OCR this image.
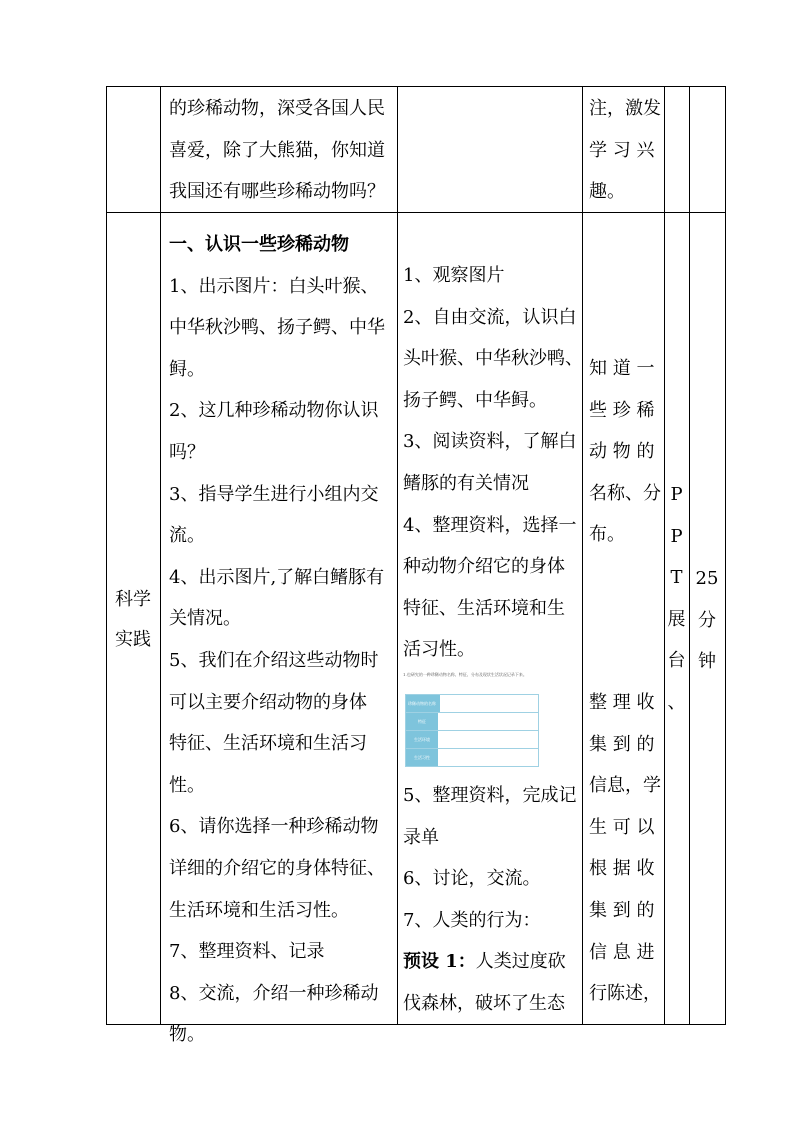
的珍稀动物，深受各国人民

喜爱，除了大熊猫，你知道

我国还有哪些珍稀动物吗？

注，激发

学 习 兴

趣。

科学
实践

一、认识一些珍稀动物

1、出示图片：白头叶猴、

中华秋沙鸭、扬子鳄、中华

鲟。

2、这几种珍稀动物你认识

吗？

3、指导学生进行小组内交

流。

4、出示图片,了解白鳍豚有

关情况。

5、我们在介绍这些动物时

可以主要介绍动物的身体

特征、生活环境和生活习性。

6、请你选择一种珍稀动物

详细的介绍它的身体特征、

生活环境和生活习性。

7、整理资料、记录

8、交流，介绍一种珍稀动

物。

1、观察图片

2、自由交流，认识白

头叶猴、中华秋沙鸭、

扬子鳄、中华鲟。

3、阅读资料，了解白

鳍豚的有关情况

4、整理资料，选择一

种动物介绍它的身体

特征、生活环境和生

活习性。

1.也研究的一种珍稀动物名称、特征、分布及现状生活状况记录下来。
珍稀动物的名称
特征
生活环境
生活习性

5、整理资料，完成记

录单

6、讨论，交流。

7、人类的行为：

预设 1：人类过度砍

伐森林，破坏了生态

知 道 一

些 珍 稀

动 物 的

名称、分

布。

整 理 收

集 到 的

信息，学

生 可 以

根 据 收

集 到 的

信 息 进

行陈述，

P
P
T
展
台
、
25
分
钟
